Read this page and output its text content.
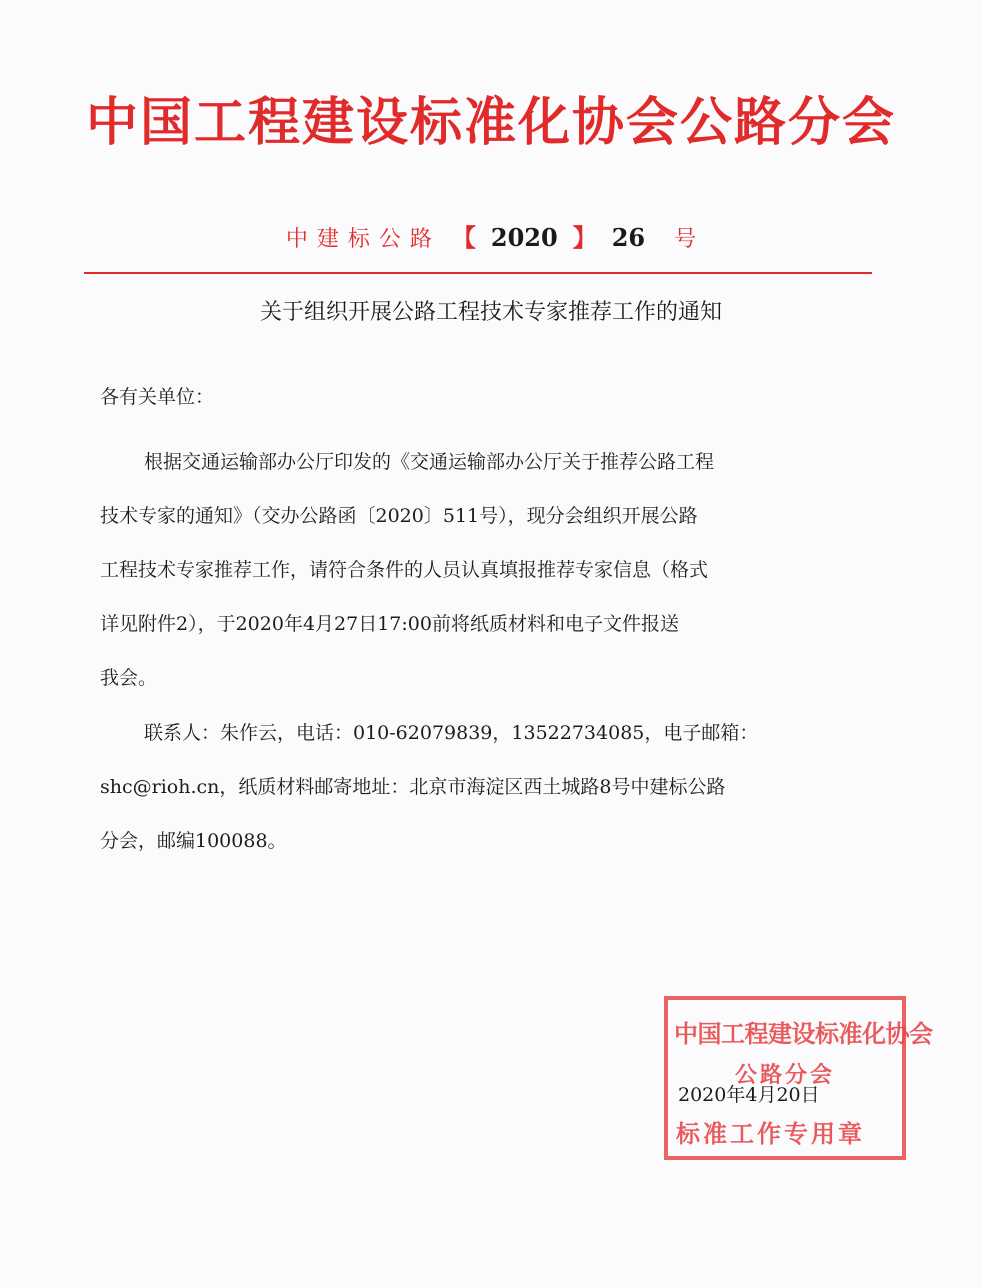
中国工程建设标准化协会公路分会
中建标公路 【 2020 】 26 号
关于组织开展公路工程技术专家推荐工作的通知
各有关单位：
根据交通运输部办公厅印发的《交通运输部办公厅关于推荐公路工程
技术专家的通知》（交办公路函〔2020〕511号），现分会组织开展公路
工程技术专家推荐工作，请符合条件的人员认真填报推荐专家信息（格式
详见附件2），于2020年4月27日17:00前将纸质材料和电子文件报送
我会。
联系人：朱作云，电话：010-62079839，13522734085，电子邮箱：
shc@rioh.cn，纸质材料邮寄地址：北京市海淀区西土城路8号中建标公路
分会，邮编100088。
中国工程建设标准化协会
公路分会
标准工作专用章
2020年4月20日
